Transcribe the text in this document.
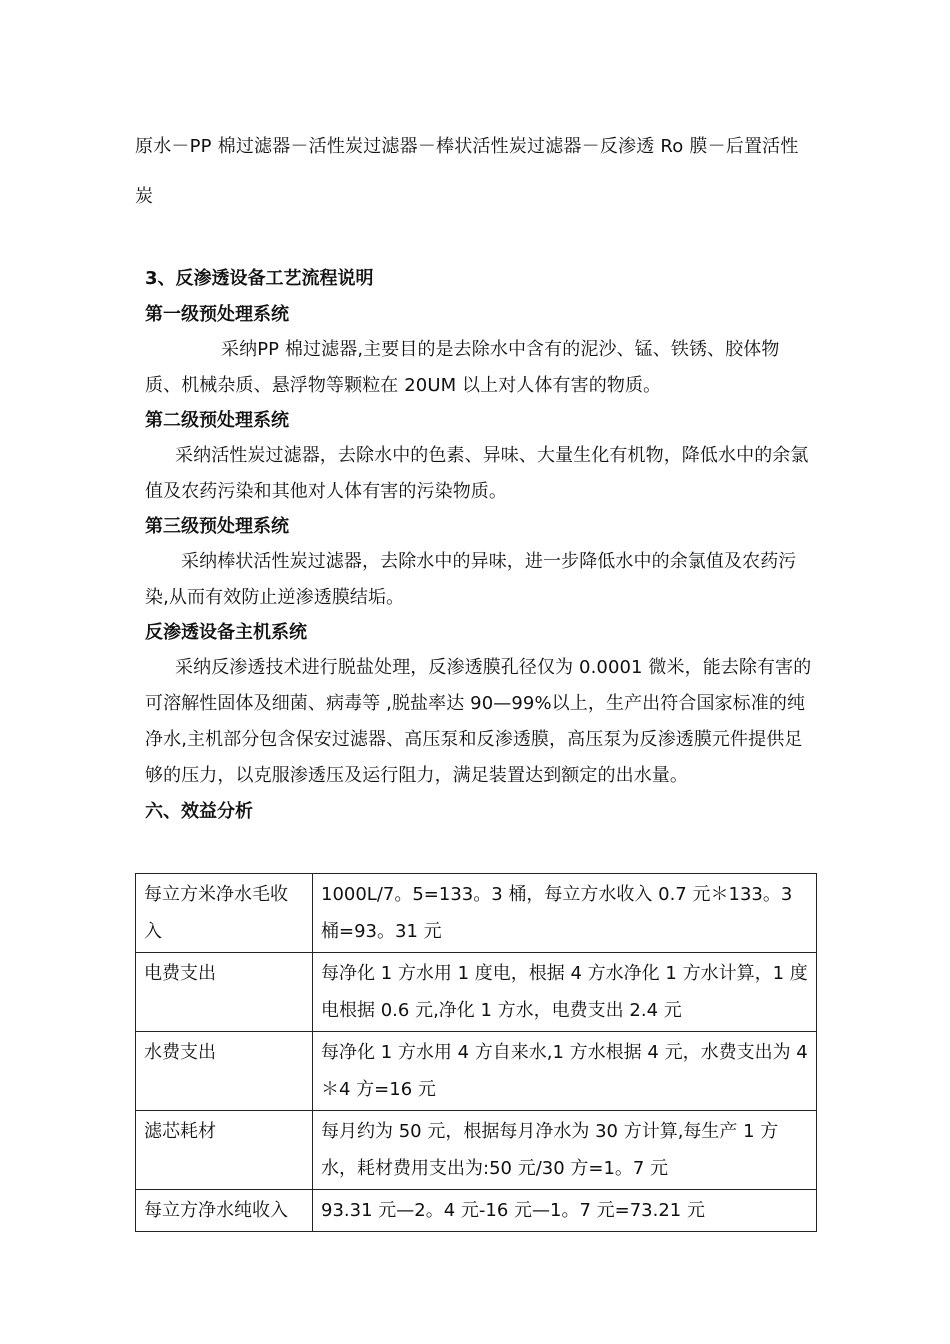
原水－PP 棉过滤器－活性炭过滤器－棒状活性炭过滤器－反渗透 Ro 膜－后置活性炭

3、反渗透设备工艺流程说明

第一级预处理系统

采纳PP 棉过滤器,主要目的是去除水中含有的泥沙、锰、铁锈、胶体物质、机械杂质、悬浮物等颗粒在 20UM 以上对人体有害的物质。

第二级预处理系统

采纳活性炭过滤器，去除水中的色素、异味、大量生化有机物，降低水中的余氯值及农药污染和其他对人体有害的污染物质。

第三级预处理系统

采纳棒状活性炭过滤器，去除水中的异味，进一步降低水中的余氯值及农药污染,从而有效防止逆渗透膜结垢。

反渗透设备主机系统

采纳反渗透技术进行脱盐处理，反渗透膜孔径仅为 0.0001 微米，能去除有害的可溶解性固体及细菌、病毒等 ,脱盐率达 90—99%以上，生产出符合国家标准的纯净水,主机部分包含保安过滤器、高压泵和反渗透膜，高压泵为反渗透膜元件提供足够的压力，以克服渗透压及运行阻力，满足装置达到额定的出水量。

六、效益分析

每立方米净水毛收入	1000L/7。5=133。3 桶，每立方水收入 0.7 元＊133。3 桶=93。31 元
电费支出	每净化 1 方水用 1 度电，根据 4 方水净化 1 方水计算，1 度电根据 0.6 元,净化 1 方水，电费支出 2.4 元
水费支出	每净化 1 方水用 4 方自来水,1 方水根据 4 元，水费支出为 4＊4 方=16 元
滤芯耗材	每月约为 50 元，根据每月净水为 30 方计算,每生产 1 方水，耗材费用支出为:50 元/30 方=1。7 元
每立方净水纯收入	93.31 元—2。4 元-16 元—1。7 元=73.21 元
